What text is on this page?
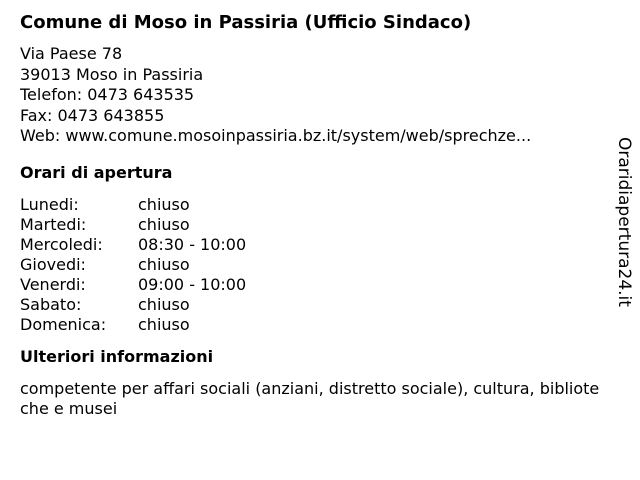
Comune di Moso in Passiria (Ufficio Sindaco)
Via Paese 78
39013 Moso in Passiria
Telefon: 0473 643535
Fax: 0473 643855
Web: www.comune.mosoinpassiria.bz.it/system/web/sprechze...
Orari di apertura
Lunedi:	chiuso
Martedi:	chiuso
Mercoledi:	08:30 - 10:00
Giovedi:	chiuso
Venerdi:	09:00 - 10:00
Sabato:	chiuso
Domenica:	chiuso
Ulteriori informazioni
competente per affari sociali (anziani, distretto sociale), cultura, biblioteche e musei
Oraridiapertura24.it
